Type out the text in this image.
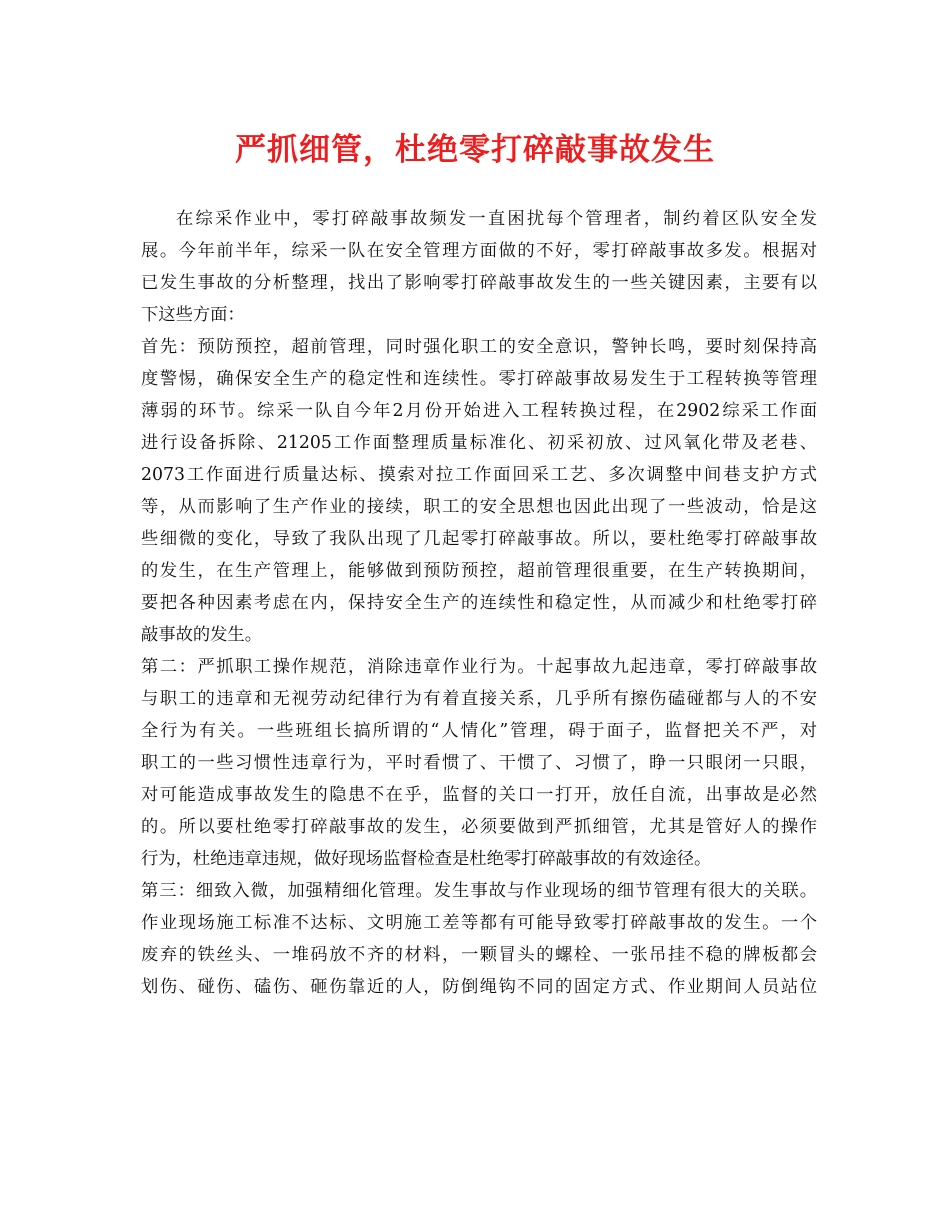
严抓细管，杜绝零打碎敲事故发生
在综采作业中，零打碎敲事故频发一直困扰每个管理者，制约着区队安全发
展。今年前半年，综采一队在安全管理方面做的不好，零打碎敲事故多发。根据对
已发生事故的分析整理，找出了影响零打碎敲事故发生的一些关键因素，主要有以
下这些方面：
首先：预防预控，超前管理，同时强化职工的安全意识，警钟长鸣，要时刻保持高
度警惕，确保安全生产的稳定性和连续性。零打碎敲事故易发生于工程转换等管理
薄弱的环节。综采一队自今年2月份开始进入工程转换过程，在2902综采工作面
进行设备拆除、21205工作面整理质量标准化、初采初放、过风氧化带及老巷、
2073工作面进行质量达标、摸索对拉工作面回采工艺、多次调整中间巷支护方式
等，从而影响了生产作业的接续，职工的安全思想也因此出现了一些波动，恰是这
些细微的变化，导致了我队出现了几起零打碎敲事故。所以，要杜绝零打碎敲事故
的发生，在生产管理上，能够做到预防预控，超前管理很重要，在生产转换期间，
要把各种因素考虑在内，保持安全生产的连续性和稳定性，从而减少和杜绝零打碎
敲事故的发生。
第二：严抓职工操作规范，消除违章作业行为。十起事故九起违章，零打碎敲事故
与职工的违章和无视劳动纪律行为有着直接关系，几乎所有擦伤磕碰都与人的不安
全行为有关。一些班组长搞所谓的“人情化”管理，碍于面子，监督把关不严，对
职工的一些习惯性违章行为，平时看惯了、干惯了、习惯了，睁一只眼闭一只眼，
对可能造成事故发生的隐患不在乎，监督的关口一打开，放任自流，出事故是必然
的。所以要杜绝零打碎敲事故的发生，必须要做到严抓细管，尤其是管好人的操作
行为，杜绝违章违规，做好现场监督检查是杜绝零打碎敲事故的有效途径。
第三：细致入微，加强精细化管理。发生事故与作业现场的细节管理有很大的关联。
作业现场施工标准不达标、文明施工差等都有可能导致零打碎敲事故的发生。一个
废弃的铁丝头、一堆码放不齐的材料，一颗冒头的螺栓、一张吊挂不稳的牌板都会
划伤、碰伤、磕伤、砸伤靠近的人，防倒绳钩不同的固定方式、作业期间人员站位
